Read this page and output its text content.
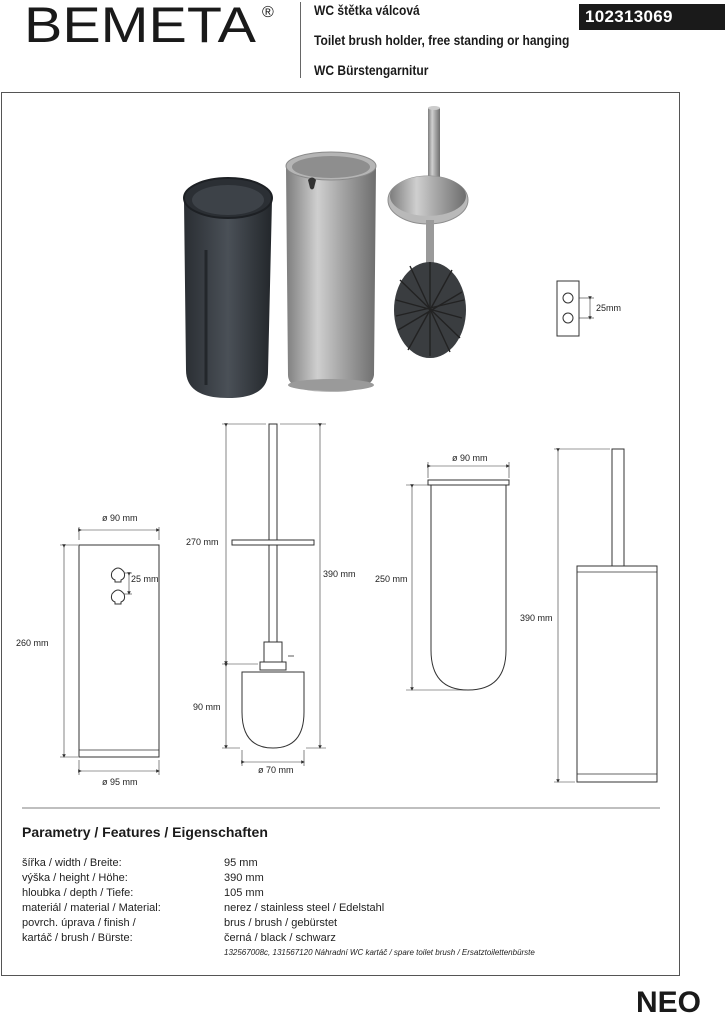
BEMETA ®	WC štětka válcová
Toilet brush holder, free standing or hanging
WC Bürstengarnitur
102313069
25mm
ø 90 mm
25 mm
260 mm
ø 95 mm
270 mm
90 mm
390 mm
ø 70 mm
ø 90 mm
250 mm
390 mm
Parametry / Features / Eigenschaften
šířka / width / Breite:	95 mm
výška / height / Höhe:	390 mm
hloubka / depth / Tiefe:	105 mm
materiál / material / Material:	nerez / stainless steel / Edelstahl
povrch. úprava / finish /	brus / brush / gebürstet
kartáč / brush / Bürste:	černá / black / schwarz
132567008c, 131567120 Náhradní WC kartáč / spare toilet brush / Ersatztoilettenbürste
NEO
